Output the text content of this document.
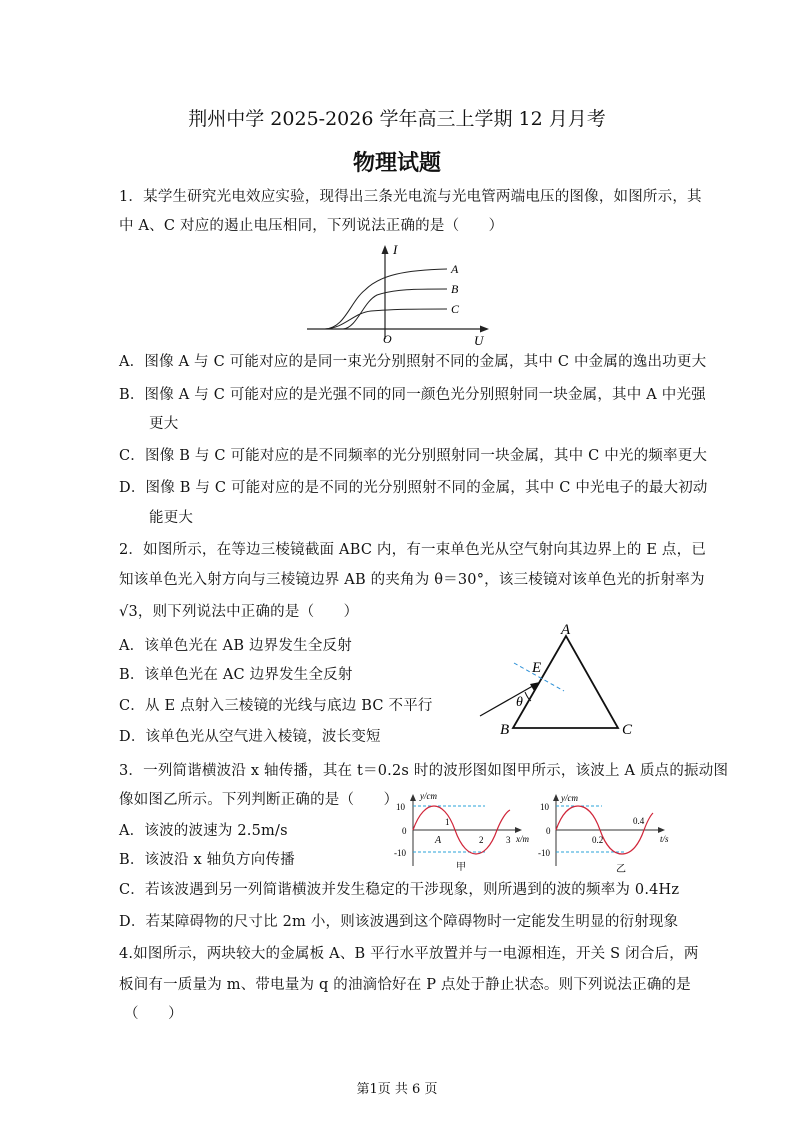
荆州中学 2025-2026 学年高三上学期 12 月月考
物理试题
1．某学生研究光电效应实验，现得出三条光电流与光电管两端电压的图像，如图所示，其
中 A、C 对应的遏止电压相同，下列说法正确的是（　　）
I
A
B
C
O	U
A．图像 A 与 C 可能对应的是同一束光分别照射不同的金属，其中 C 中金属的逸出功更大
B．图像 A 与 C 可能对应的是光强不同的同一颜色光分别照射同一块金属，其中 A 中光强
更大
C．图像 B 与 C 可能对应的是不同频率的光分别照射同一块金属，其中 C 中光的频率更大
D．图像 B 与 C 可能对应的是不同的光分别照射不同的金属，其中 C 中光电子的最大初动
能更大
2．如图所示，在等边三棱镜截面 ABC 内，有一束单色光从空气射向其边界上的 E 点，已
知该单色光入射方向与三棱镜边界 AB 的夹角为 θ＝30°，该三棱镜对该单色光的折射率为
√3，则下列说法中正确的是（　　）
A
B	C
E
θ
A．该单色光在 AB 边界发生全反射
B．该单色光在 AC 边界发生全反射
C．从 E 点射入三棱镜的光线与底边 BC 不平行
D．该单色光从空气进入棱镜，波长变短
3．一列简谐横波沿 x 轴传播，其在 t＝0.2s 时的波形图如图甲所示，该波上 A 质点的振动图
像如图乙所示。下列判断正确的是（　　） y/cm
10
0
-10
1
2	3
A	x/m
甲
y/cm
10
0
-10
0.2
0.4
t/s
乙
A．该波的波速为 2.5m/s
B．该波沿 x 轴负方向传播
C．若该波遇到另一列简谐横波并发生稳定的干涉现象，则所遇到的波的频率为 0.4Hz
D．若某障碍物的尺寸比 2m 小，则该波遇到这个障碍物时一定能发生明显的衍射现象
4.如图所示，两块较大的金属板 A、B 平行水平放置并与一电源相连，开关 S 闭合后，两
板间有一质量为 m、带电量为 q 的油滴恰好在 P 点处于静止状态。则下列说法正确的是
（　　）
第1页 共 6 页
